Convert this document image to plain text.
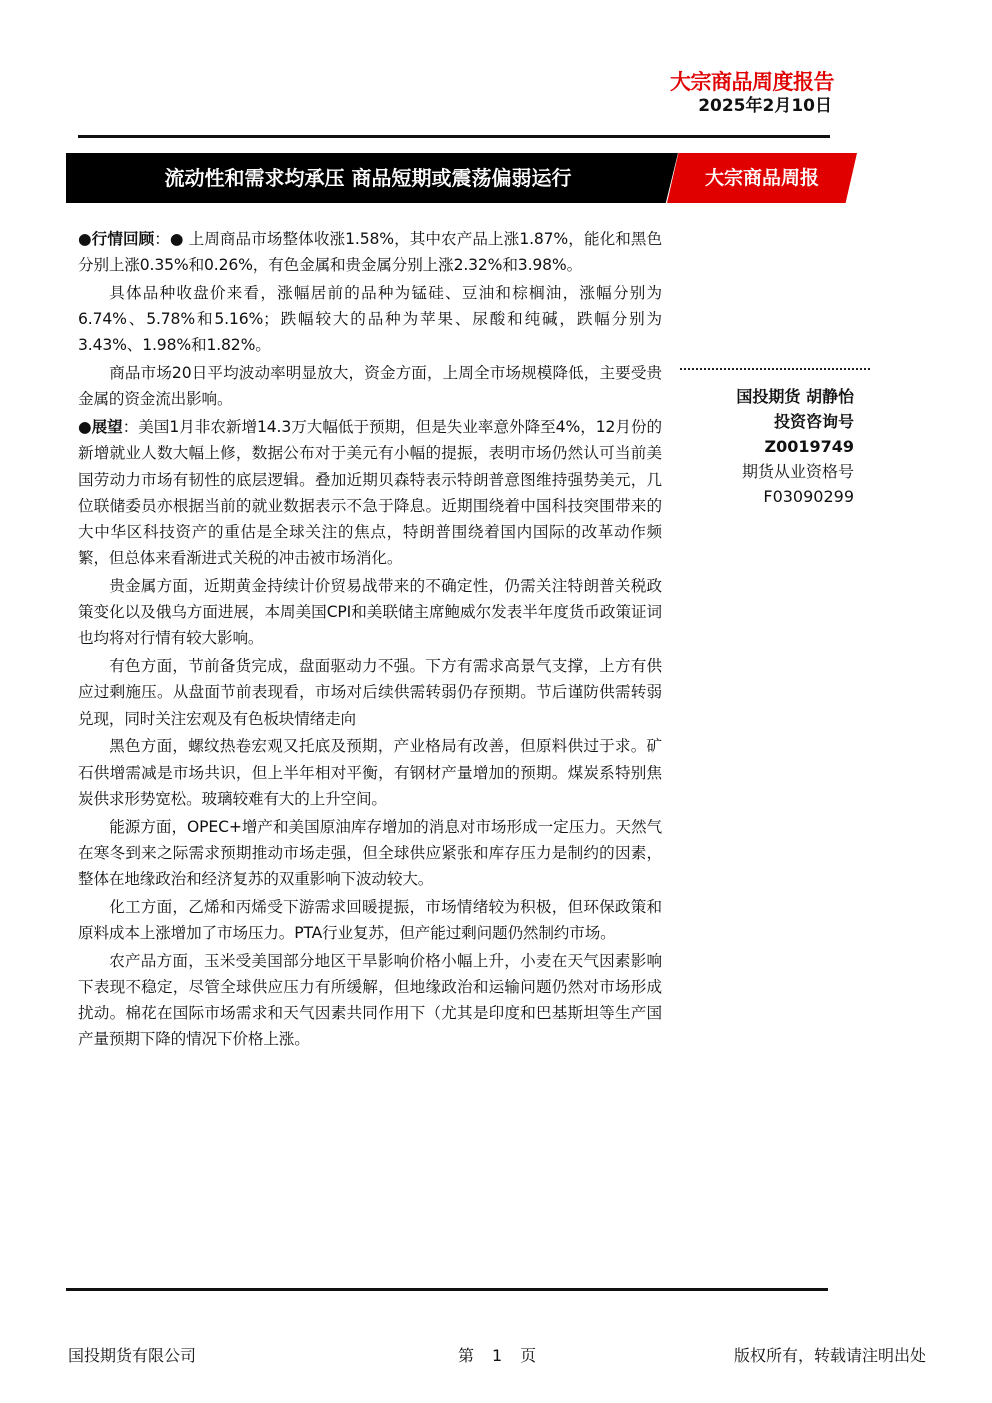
大宗商品周度报告
2025年2月10日
流动性和需求均承压 商品短期或震荡偏弱运行	大宗商品周报

●行情回顾：● 上周商品市场整体收涨1.58%，其中农产品上涨1.87%，能化和黑色分别上涨0.35%和0.26%，有色金属和贵金属分别上涨2.32%和3.98%。

具体品种收盘价来看，涨幅居前的品种为锰硅、豆油和棕榈油，涨幅分别为6.74%、5.78%和5.16%；跌幅较大的品种为苹果、尿酸和纯碱，跌幅分别为3.43%、1.98%和1.82%。

商品市场20日平均波动率明显放大，资金方面，上周全市场规模降低，主要受贵金属的资金流出影响。

●展望：美国1月非农新增14.3万大幅低于预期，但是失业率意外降至4%，12月份的新增就业人数大幅上修，数据公布对于美元有小幅的提振，表明市场仍然认可当前美国劳动力市场有韧性的底层逻辑。叠加近期贝森特表示特朗普意图维持强势美元，几位联储委员亦根据当前的就业数据表示不急于降息。近期围绕着中国科技突围带来的大中华区科技资产的重估是全球关注的焦点，特朗普围绕着国内国际的改革动作频繁，但总体来看渐进式关税的冲击被市场消化。

贵金属方面，近期黄金持续计价贸易战带来的不确定性，仍需关注特朗普关税政策变化以及俄乌方面进展，本周美国CPI和美联储主席鲍威尔发表半年度货币政策证词也均将对行情有较大影响。

有色方面，节前备货完成，盘面驱动力不强。下方有需求高景气支撑，上方有供应过剩施压。从盘面节前表现看，市场对后续供需转弱仍存预期。节后谨防供需转弱兑现，同时关注宏观及有色板块情绪走向

黑色方面，螺纹热卷宏观又托底及预期，产业格局有改善，但原料供过于求。矿石供增需减是市场共识，但上半年相对平衡，有钢材产量增加的预期。煤炭系特别焦炭供求形势宽松。玻璃较难有大的上升空间。

能源方面，OPEC+增产和美国原油库存增加的消息对市场形成一定压力。天然气在寒冬到来之际需求预期推动市场走强，但全球供应紧张和库存压力是制约的因素，整体在地缘政治和经济复苏的双重影响下波动较大。

化工方面，乙烯和丙烯受下游需求回暖提振，市场情绪较为积极，但环保政策和原料成本上涨增加了市场压力。PTA行业复苏，但产能过剩问题仍然制约市场。

农产品方面，玉米受美国部分地区干旱影响价格小幅上升，小麦在天气因素影响下表现不稳定，尽管全球供应压力有所缓解，但地缘政治和运输问题仍然对市场形成扰动。棉花在国际市场需求和天气因素共同作用下（尤其是印度和巴基斯坦等生产国产量预期下降的情况下价格上涨。

国投期货 胡静怡
投资咨询号
Z0019749
期货从业资格号
F03090299
国投期货有限公司	第　1　页	版权所有，转载请注明出处
